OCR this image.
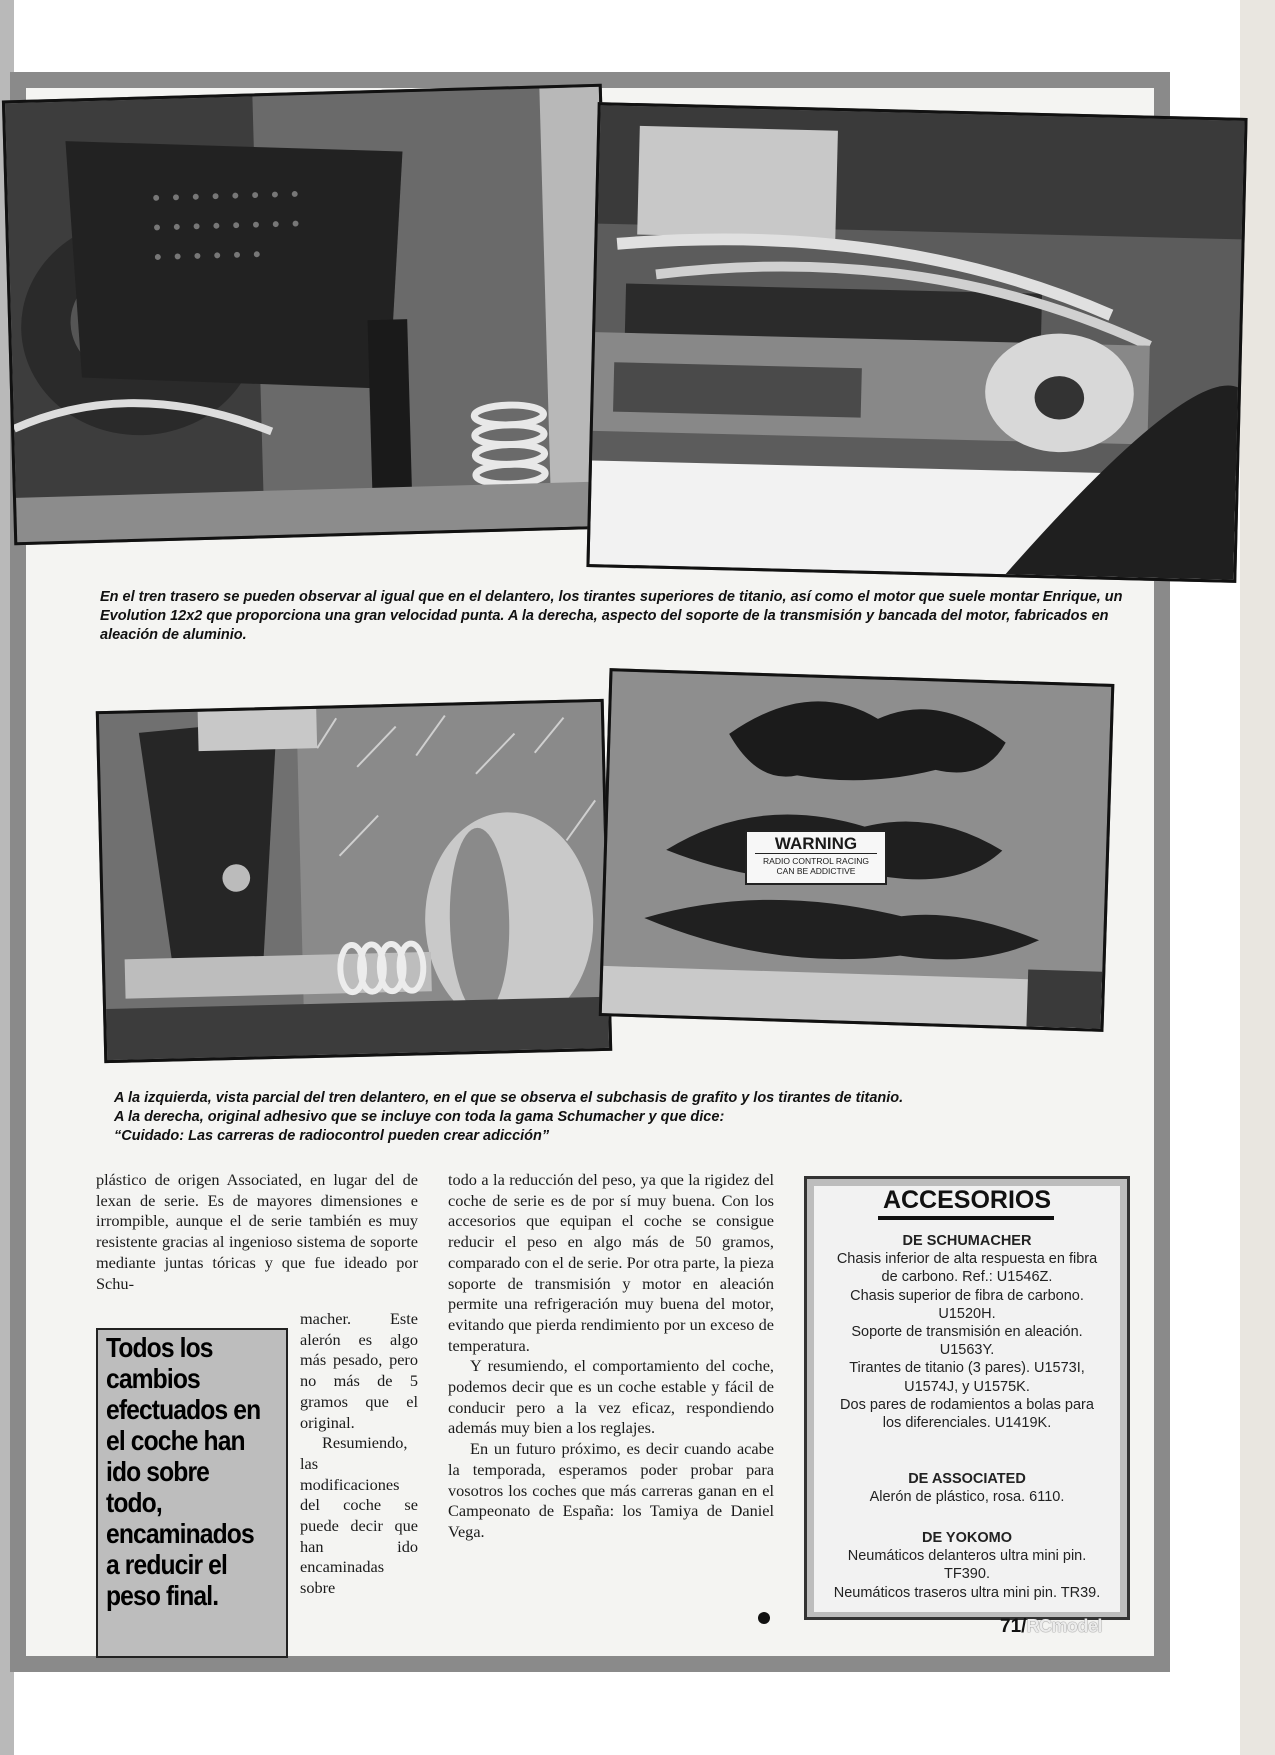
En el tren trasero se pueden observar al igual que en el delantero, los tirantes superiores de titanio, así como el motor que suele montar Enrique, un Evolution 12x2 que proporciona una gran velocidad punta. A la derecha, aspecto del soporte de la transmisión y bancada del motor, fabricados en aleación de aluminio.
WARNING
RADIO CONTROL RACING
CAN BE ADDICTIVE
A la izquierda, vista parcial del tren delantero, en el que se observa el subchasis de grafito y los tirantes de titanio.
A la derecha, original adhesivo que se incluye con toda la gama Schumacher y que dice:
“Cuidado: Las carreras de radiocontrol pueden crear adicción”

plástico de origen Associated, en lugar del de lexan de serie. Es de mayores dimensiones e irrompible, aunque el de serie también es muy resistente gracias al ingenioso sistema de soporte mediante juntas tóricas y que fue ideado por Schu-

macher. Este alerón es algo más pesado, pero no más de 5 gramos que el original.

Resumiendo, las modificaciones del coche se puede decir que han ido encaminadas sobre

Todos los cambios efectuados en el coche han ido sobre todo, encaminados a reducir el peso final.

todo a la reducción del peso, ya que la rigidez del coche de serie es de por sí muy buena. Con los accesorios que equipan el coche se consigue reducir el peso en algo más de 50 gramos, comparado con el de serie. Por otra parte, la pieza soporte de transmisión y motor en aleación permite una refrigeración muy buena del motor, evitando que pierda rendimiento por un exceso de temperatura.

Y resumiendo, el comportamiento del coche, podemos decir que es un coche estable y fácil de conducir pero a la vez eficaz, respondiendo además muy bien a los reglajes.

En un futuro próximo, es decir cuando acabe la temporada, esperamos poder probar para vosotros los coches que más carreras ganan en el Campeonato de España: los Tamiya de Daniel Vega.

ACCESORIOS
DE SCHUMACHER
Chasis inferior de alta respuesta en fibra
de carbono. Ref.: U1546Z.
Chasis superior de fibra de carbono.
U1520H.
Soporte de transmisión en aleación.
U1563Y.
Tirantes de titanio (3 pares). U1573I,
U1574J, y U1575K.
Dos pares de rodamientos a bolas para
los diferenciales. U1419K.
DE ASSOCIATED
Alerón de plástico, rosa. 6110.
DE YOKOMO
Neumáticos delanteros ultra mini pin.
TF390.
Neumáticos traseros ultra mini pin. TR39.
71/RCmodel
